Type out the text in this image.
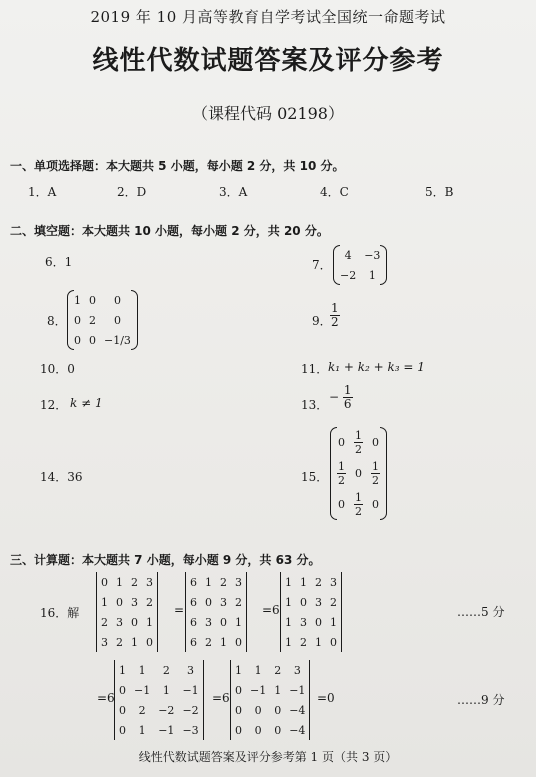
2019 年 10 月高等教育自学考试全国统一命题考试
线性代数试题答案及评分参考
（课程代码 02198）
一、单项选择题：本大题共 5 小题，每小题 2 分，共 10 分。
1．A	2．D	3．A	4．C	5．B
二、填空题：本大题共 10 小题，每小题 2 分，共 20 分。
6．1	7．
4	−3
−2	1
8．
1	0	0
0	2	0
0	0	−1/3
9．
$\frac{1}{2}$
10．0	11． k₁ + k₂ + k₃ = 1
12． k ≠ 1	13．
− $\frac{1}{6}$
14．36	15．
0	$\frac{1}{2}$	0

$\frac{1}{2}$	0	$\frac{1}{2}$

0	$\frac{1}{2}$	0
三、计算题：本大题共 7 小题，每小题 9 分，共 63 分。
16．解
0	1	2	3
1	0	3	2
2	3	0	1
3	2	1	0
=
6	1	2	3
6	0	3	2
6	3	0	1
6	2	1	0
=6
1	1	2	3
1	0	3	2
1	3	0	1
1	2	1	0
……5 分
=6
1	1	2	3
0	−1	1	−1
0	2	−2	−2
0	1	−1	−3
=6
1	1	2	3
0	−1	1	−1
0	0	0	−4
0	0	0	−4
=0	……9 分
线性代数试题答案及评分参考第 1 页（共 3 页）
